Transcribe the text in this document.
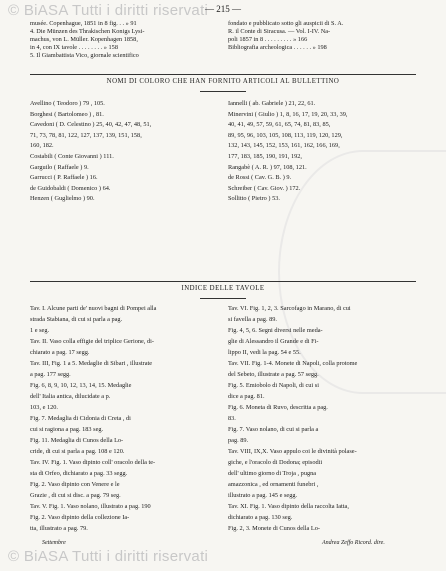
© BiASA Tutti i diritti riservati
— 215 —
musée. Copenhague, 1851 in 8 fig. . . » 91
4. Die Münzen des Thrakischen Konigs Lysi-
machus, von L. Müller. Kopenhagen 1858,
in 4, con IX tavole . . . . . . . . » 158
5. Il Giambattista Vico, giornale scientifico
fondato e pubblicato sotto gli auspicii di S. A.
R. il Conte di Siracusa. — Vol. I-IV. Na-
poli 1857 in 8 . . . . . . . . . » 166
Bibliografia archeologica . . . . . . » 198
NOMI DI COLORO CHE HAN FORNITO ARTICOLI AL BULLETTINO
Avellino ( Teodoro ) 79 , 105.
Borghesi ( Bartolomeo ) , 81.
Cavedoni ( D. Celestino ) 25, 40, 42, 47, 48, 51,
71, 73, 78, 81, 122, 127, 137, 139, 151, 158,
160, 182.
Costabili ( Conte Giovanni ) 111.
Garguilo ( Raffaele ) 9.
Garrucci ( P. Raffaele ) 16.
de Guidobaldi ( Domenico ) 64.
Henzen ( Guglielmo ) 90.
Iannelli ( ab. Gabriele ) 21, 22, 61.
Minervini ( Giulio ) 1, 8, 16, 17, 19, 20, 33, 39,
40, 41, 49, 57, 59, 61, 65, 74, 81, 83, 85,
89, 95, 96, 103, 105, 108, 113, 119, 120, 129,
132, 143, 145, 152, 153, 161, 162, 166, 169,
177, 183, 185, 190, 191, 192,
Rangabè ( A. R. ) 97, 108, 121.
de Rossi ( Cav. G. B. ) 9.
Schreiber ( Cav. Giov. ) 172.
Sollitto ( Pietro ) 53.
INDICE DELLE TAVOLE
Tav. I. Alcune parti de' nuovi bagni di Pompei alla
strada Stabiana, di cui si parla a pag.
1 e seg.
Tav. II. Vaso colla effigie del triplice Gerione, di-
chiarato a pag. 17 segg.
Tav. III, Fig. 1 a 5. Medaglie di Sibari , illustrate
a pag. 177 segg.
Fig. 6, 8, 9, 10, 12, 13, 14, 15. Medaglie
dell' Italia antica, dilucidate a p.
103, e 120.
Fig. 7. Medaglia di Cidonia di Creta , di
cui si ragiona a pag. 183 seg.
Fig. 11. Medaglia di Cunos della Lo-
cride, di cui si parla a pag. 108 e 120.
Tav. IV. Fig. 1. Vaso dipinto coll' oracolo della te-
sta di Orfeo, dichiarato a pag. 33 segg.
Fig. 2. Vaso dipinto con Venere e le
Grazie , di cui si disc. a pag. 79 seg.
Tav. V. Fig. 1. Vaso nolano, illustrato a pag. 190
Fig. 2. Vaso dipinto della collezione Ia-
tta, illustrato a pag. 79.
Tav. VI. Fig. 1, 2, 3. Sarcofago in Marano, di cui
si favella a pag. 89.
Fig. 4, 5, 6. Segni diversi nelle meda-
glie di Alessandro il Grande e di Fi-
lippo II, vedi la pag. 54 e 55.
Tav. VII. Fig. 1-4. Monete di Napoli, colla protome
del Sebeto, illustrate a pag. 57 segg.
Fig. 5. Emiobolo di Napoli, di cui si
dice a pag. 81.
Fig. 6. Moneta di Ruvo, descritta a pag.
83.
Fig. 7. Vaso nolano, di cui si parla a
pag. 89.
Tav. VIII, IX,X. Vaso appulo coi le divinità polase-
giche, e l'oracolo di Dodona; episodii
dell' ultimo giorno di Troja , pugna
amazzonica , ed ornamenti funebri ,
illustrato a pag. 145 e segg.
Tav. XI. Fig. 1. Vaso dipinto della raccolta Iatta,
dichiarato a pag. 130 seg.
Fig. 2, 3. Monete di Cunos della Lo-
Settembre	Andrea Zeffo Ricord. dire.
© BiASA Tutti i diritti riservati
